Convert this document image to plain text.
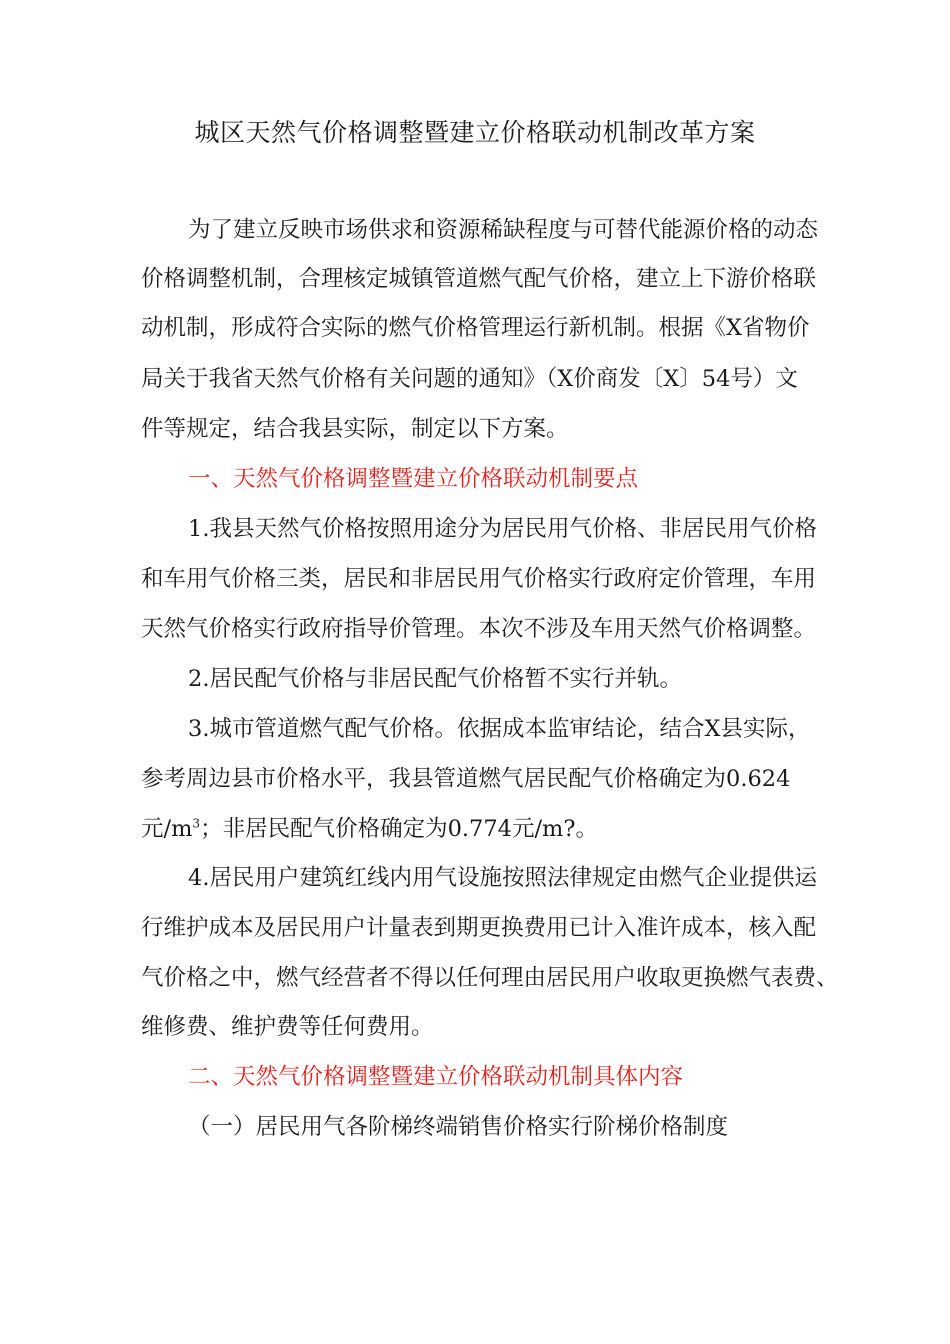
城区天然气价格调整暨建立价格联动机制改革方案
为了建立反映市场供求和资源稀缺程度与可替代能源价格的动态
价格调整机制，合理核定城镇管道燃气配气价格，建立上下游价格联
动机制，形成符合实际的燃气价格管理运行新机制。根据《X省物价
局关于我省天然气价格有关问题的通知》（X价商发〔X〕54号）文
件等规定，结合我县实际，制定以下方案。
一、天然气价格调整暨建立价格联动机制要点
1.我县天然气价格按照用途分为居民用气价格、非居民用气价格
和车用气价格三类，居民和非居民用气价格实行政府定价管理，车用
天然气价格实行政府指导价管理。本次不涉及车用天然气价格调整。
2.居民配气价格与非居民配气价格暂不实行并轨。
3.城市管道燃气配气价格。依据成本监审结论，结合X县实际，
参考周边县市价格水平，我县管道燃气居民配气价格确定为0.624
元$/m^3$；非居民配气价格确定为0.774元/m?。
4.居民用户建筑红线内用气设施按照法律规定由燃气企业提供运
行维护成本及居民用户计量表到期更换费用已计入准许成本，核入配
气价格之中，燃气经营者不得以任何理由居民用户收取更换燃气表费、
维修费、维护费等任何费用。
二、天然气价格调整暨建立价格联动机制具体内容
（一）居民用气各阶梯终端销售价格实行阶梯价格制度
